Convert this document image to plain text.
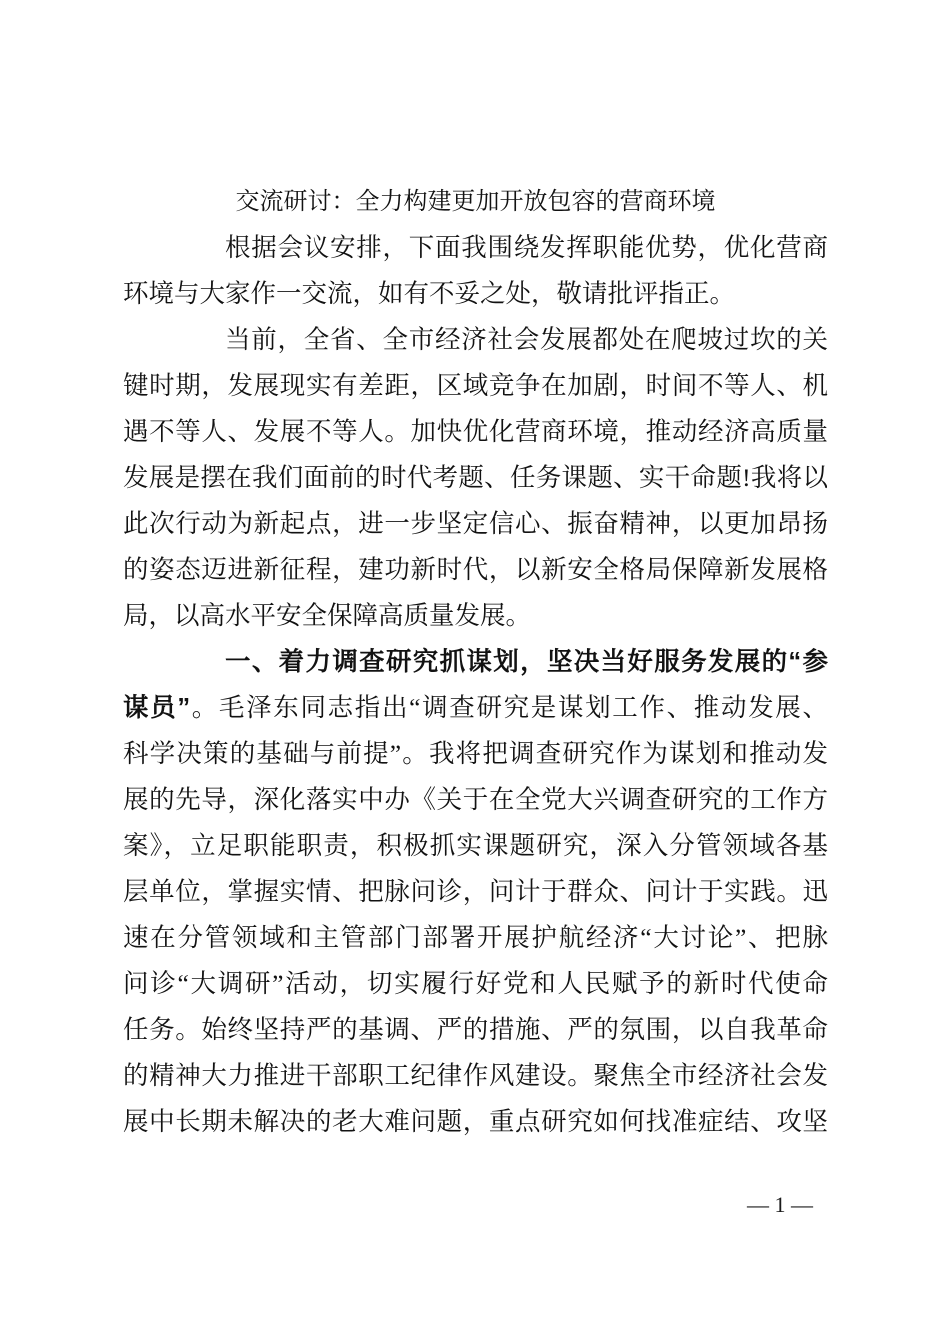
交流研讨：全力构建更加开放包容的营商环境
根据会议安排，下面我围绕发挥职能优势，优化营商
环境与大家作一交流，如有不妥之处，敬请批评指正。
当前，全省、全市经济社会发展都处在爬坡过坎的关
键时期，发展现实有差距，区域竞争在加剧，时间不等人、机
遇不等人、发展不等人。加快优化营商环境，推动经济高质量
发展是摆在我们面前的时代考题、任务课题、实干命题!我将以
此次行动为新起点，进一步坚定信心、振奋精神，以更加昂扬
的姿态迈进新征程，建功新时代，以新安全格局保障新发展格
局，以高水平安全保障高质量发展。
一、着力调查研究抓谋划，坚决当好服务发展的“参
谋员”。毛泽东同志指出“调查研究是谋划工作、推动发展、
科学决策的基础与前提”。我将把调查研究作为谋划和推动发
展的先导，深化落实中办《关于在全党大兴调查研究的工作方
案》，立足职能职责，积极抓实课题研究，深入分管领域各基
层单位，掌握实情、把脉问诊，问计于群众、问计于实践。迅
速在分管领域和主管部门部署开展护航经济“大讨论”、把脉
问诊“大调研”活动，切实履行好党和人民赋予的新时代使命
任务。始终坚持严的基调、严的措施、严的氛围，以自我革命
的精神大力推进干部职工纪律作风建设。聚焦全市经济社会发
展中长期未解决的老大难问题，重点研究如何找准症结、攻坚
— 1 —
